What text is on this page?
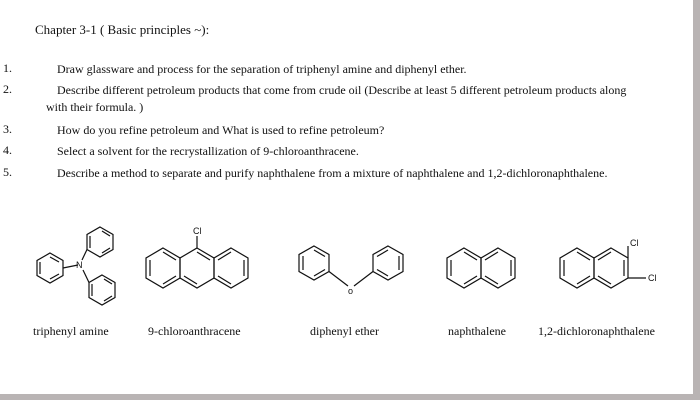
Chapter 3-1 ( Basic principles ~):
1.	Draw glassware and process for the separation of triphenyl amine and diphenyl ether.
2.	Describe different petroleum products that come from crude oil (Describe at least 5 different petroleum products along
with their formula. )
3.	How do you refine petroleum and What is used to refine petroleum?
4.	Select a solvent for the recrystallization of 9-chloroanthracene.
5.	Describe a method to separate and purify naphthalene from a mixture of naphthalene and 1,2-dichloronaphthalene.
N
Cl
o
Cl
Cl
triphenyl amine	9-chloroanthracene	diphenyl ether	naphthalene	1,2-dichloronaphthalene
